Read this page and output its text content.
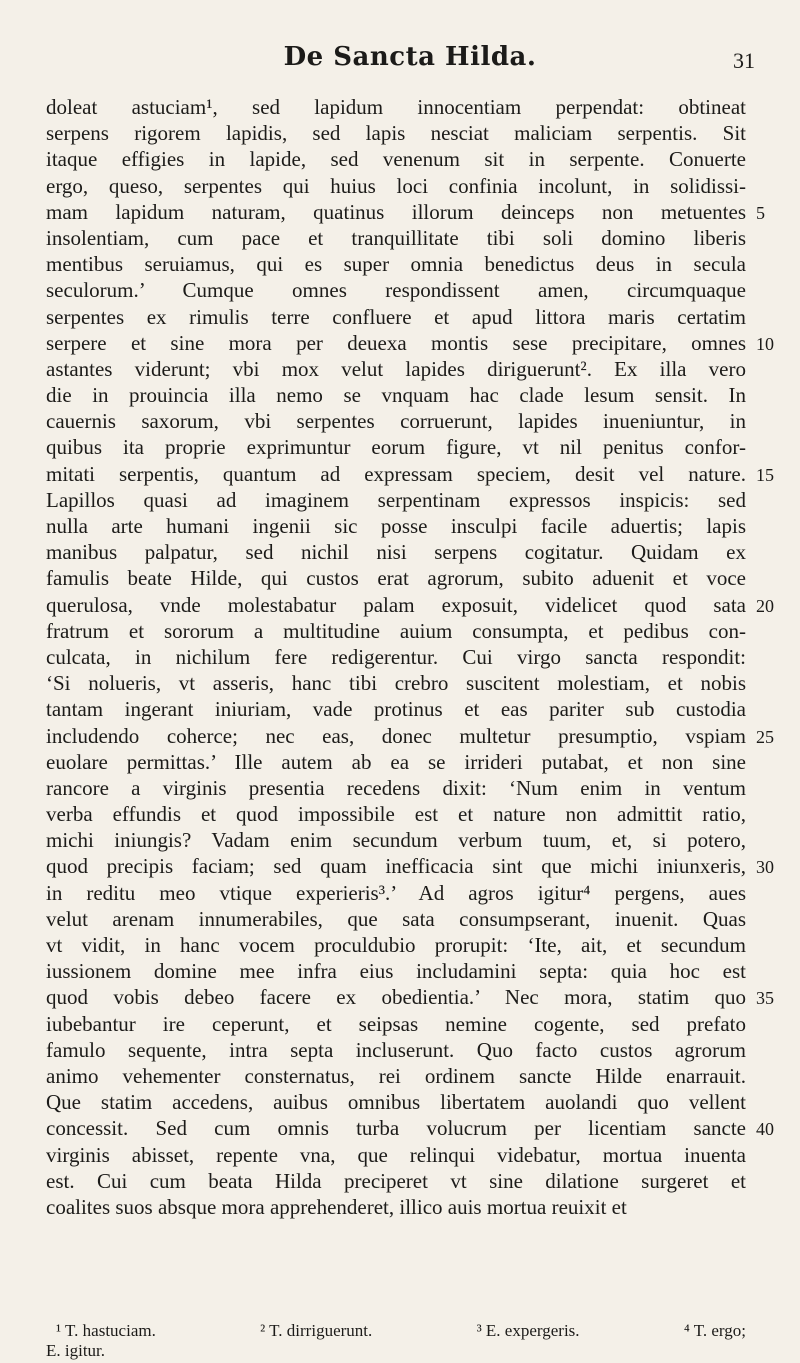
De Sancta Hilda.	31
doleat astuciam¹, sed lapidum innocentiam perpendat: obtineat
serpens rigorem lapidis, sed lapis nesciat maliciam serpentis. Sit
itaque effigies in lapide, sed venenum sit in serpente. Conuerte
ergo, queso, serpentes qui huius loci confinia incolunt, in solidissi-
mam lapidum naturam, quatinus illorum deinceps non metuentes 5
insolentiam, cum pace et tranquillitate tibi soli domino liberis
mentibus seruiamus, qui es super omnia benedictus deus in secula
seculorum.’ Cumque omnes respondissent amen, circumquaque
serpentes ex rimulis terre confluere et apud littora maris certatim
serpere et sine mora per deuexa montis sese precipitare, omnes 10
astantes viderunt; vbi mox velut lapides diriguerunt². Ex illa vero
die in prouincia illa nemo se vnquam hac clade lesum sensit. In
cauernis saxorum, vbi serpentes corruerunt, lapides inueniuntur, in
quibus ita proprie exprimuntur eorum figure, vt nil penitus confor-
mitati serpentis, quantum ad expressam speciem, desit vel nature. 15
Lapillos quasi ad imaginem serpentinam expressos inspicis: sed
nulla arte humani ingenii sic posse insculpi facile aduertis; lapis
manibus palpatur, sed nichil nisi serpens cogitatur. Quidam ex
famulis beate Hilde, qui custos erat agrorum, subito aduenit et voce
querulosa, vnde molestabatur palam exposuit, videlicet quod sata 20
fratrum et sororum a multitudine auium consumpta, et pedibus con-
culcata, in nichilum fere redigerentur. Cui virgo sancta respondit:
‘Si nolueris, vt asseris, hanc tibi crebro suscitent molestiam, et nobis
tantam ingerant iniuriam, vade protinus et eas pariter sub custodia
includendo coherce; nec eas, donec multetur presumptio, vspiam 25
euolare permittas.’ Ille autem ab ea se irrideri putabat, et non sine
rancore a virginis presentia recedens dixit: ‘Num enim in ventum
verba effundis et quod impossibile est et nature non admittit ratio,
michi iniungis? Vadam enim secundum verbum tuum, et, si potero,
quod precipis faciam; sed quam inefficacia sint que michi iniunxeris, 30
in reditu meo vtique experieris³.’ Ad agros igitur⁴ pergens, aues
velut arenam innumerabiles, que sata consumpserant, inuenit. Quas
vt vidit, in hanc vocem proculdubio prorupit: ‘Ite, ait, et secundum
iussionem domine mee infra eius includamini septa: quia hoc est
quod vobis debeo facere ex obedientia.’ Nec mora, statim quo 35
iubebantur ire ceperunt, et seipsas nemine cogente, sed prefato
famulo sequente, intra septa incluserunt. Quo facto custos agrorum
animo vehementer consternatus, rei ordinem sancte Hilde enarrauit.
Que statim accedens, auibus omnibus libertatem auolandi quo vellent
concessit. Sed cum omnis turba volucrum per licentiam sancte 40
virginis abisset, repente vna, que relinqui videbatur, mortua inuenta
est. Cui cum beata Hilda preciperet vt sine dilatione surgeret et
coalites suos absque mora apprehenderet, illico auis mortua reuixit et
¹ T. hastuciam.	² T. dirriguerunt.	³ E. expergeris.	⁴ T. ergo;
E. igitur.
